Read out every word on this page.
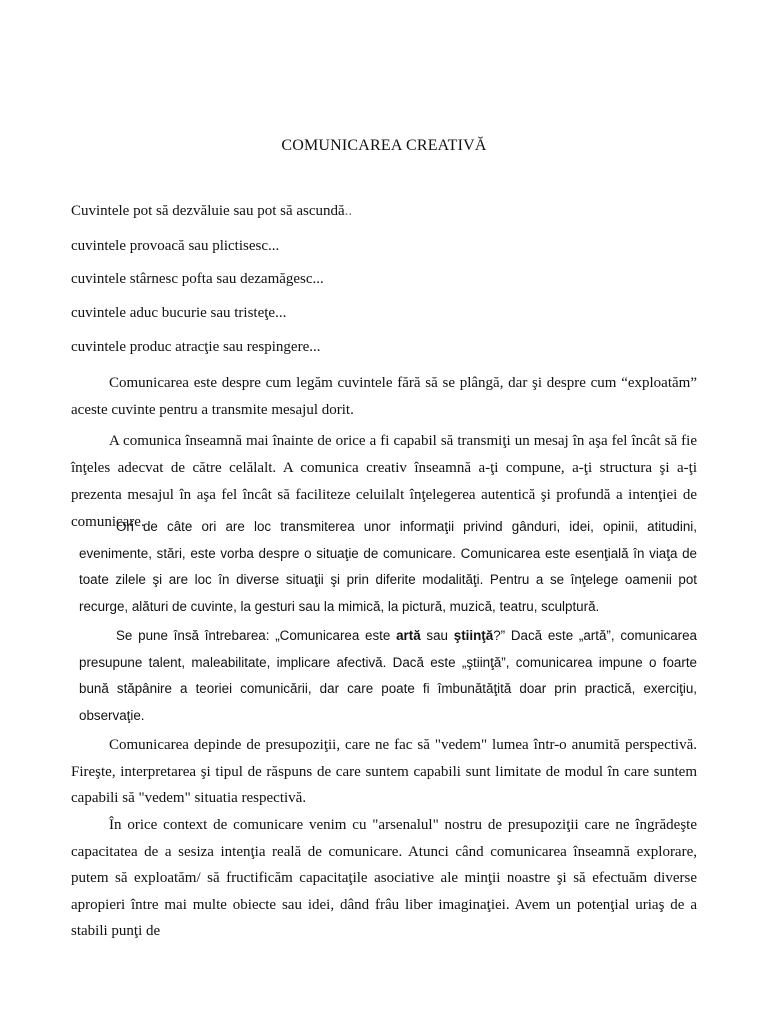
COMUNICAREA CREATIVĂ
Cuvintele pot să dezvăluie sau pot să ascundă..
cuvintele provoacă sau plictisesc...
cuvintele stârnesc pofta sau dezamăgesc...
cuvintele aduc bucurie sau tristeţe...
cuvintele produc atracţie sau respingere...

Comunicarea este despre cum legăm cuvintele fără să se plângă, dar şi despre cum “exploatăm” aceste cuvinte pentru a transmite mesajul dorit.

A comunica înseamnă mai înainte de orice a fi capabil să transmiţi un mesaj în aşa fel încât să fie înţeles adecvat de către celălalt. A comunica creativ înseamnă a-ţi compune, a-ţi structura şi a-ţi prezenta mesajul în aşa fel încât să faciliteze celuilalt înţelegerea autentică şi profundă a intenţiei de comunicare.

Ori de câte ori are loc transmiterea unor informaţii privind gânduri, idei, opinii, atitudini, evenimente, stări, este vorba despre o situaţie de comunicare. Comunicarea este esenţială în viaţa de toate zilele şi are loc în diverse situaţii şi prin diferite modalităţi. Pentru a se înţelege oamenii pot recurge, alături de cuvinte, la gesturi sau la mimică, la pictură, muzică, teatru, sculptură.

Se pune însă întrebarea: „Comunicarea este artă sau ştiinţă?” Dacă este „artă”, comunicarea presupune talent, maleabilitate, implicare afectivă. Dacă este „ştiinţă”, comunicarea impune o foarte bună stăpânire a teoriei comunicării, dar care poate fi îmbunătăţită doar prin practică, exerciţiu, observaţie.

Comunicarea depinde de presupoziţii, care ne fac să "vedem" lumea într-o anumită perspectivă. Fireşte, interpretarea şi tipul de răspuns de care suntem capabili sunt limitate de modul în care suntem capabili să "vedem" situatia respectivă.

În orice context de comunicare venim cu "arsenalul" nostru de presupoziţii care ne îngrădeşte capacitatea de a sesiza intenţia reală de comunicare. Atunci când comunicarea înseamnă explorare, putem să exploatăm/ să fructificăm capacitaţile asociative ale minţii noastre şi să efectuăm diverse apropieri între mai multe obiecte sau idei, dând frâu liber imaginaţiei. Avem un potenţial uriaş de a stabili punţi de
